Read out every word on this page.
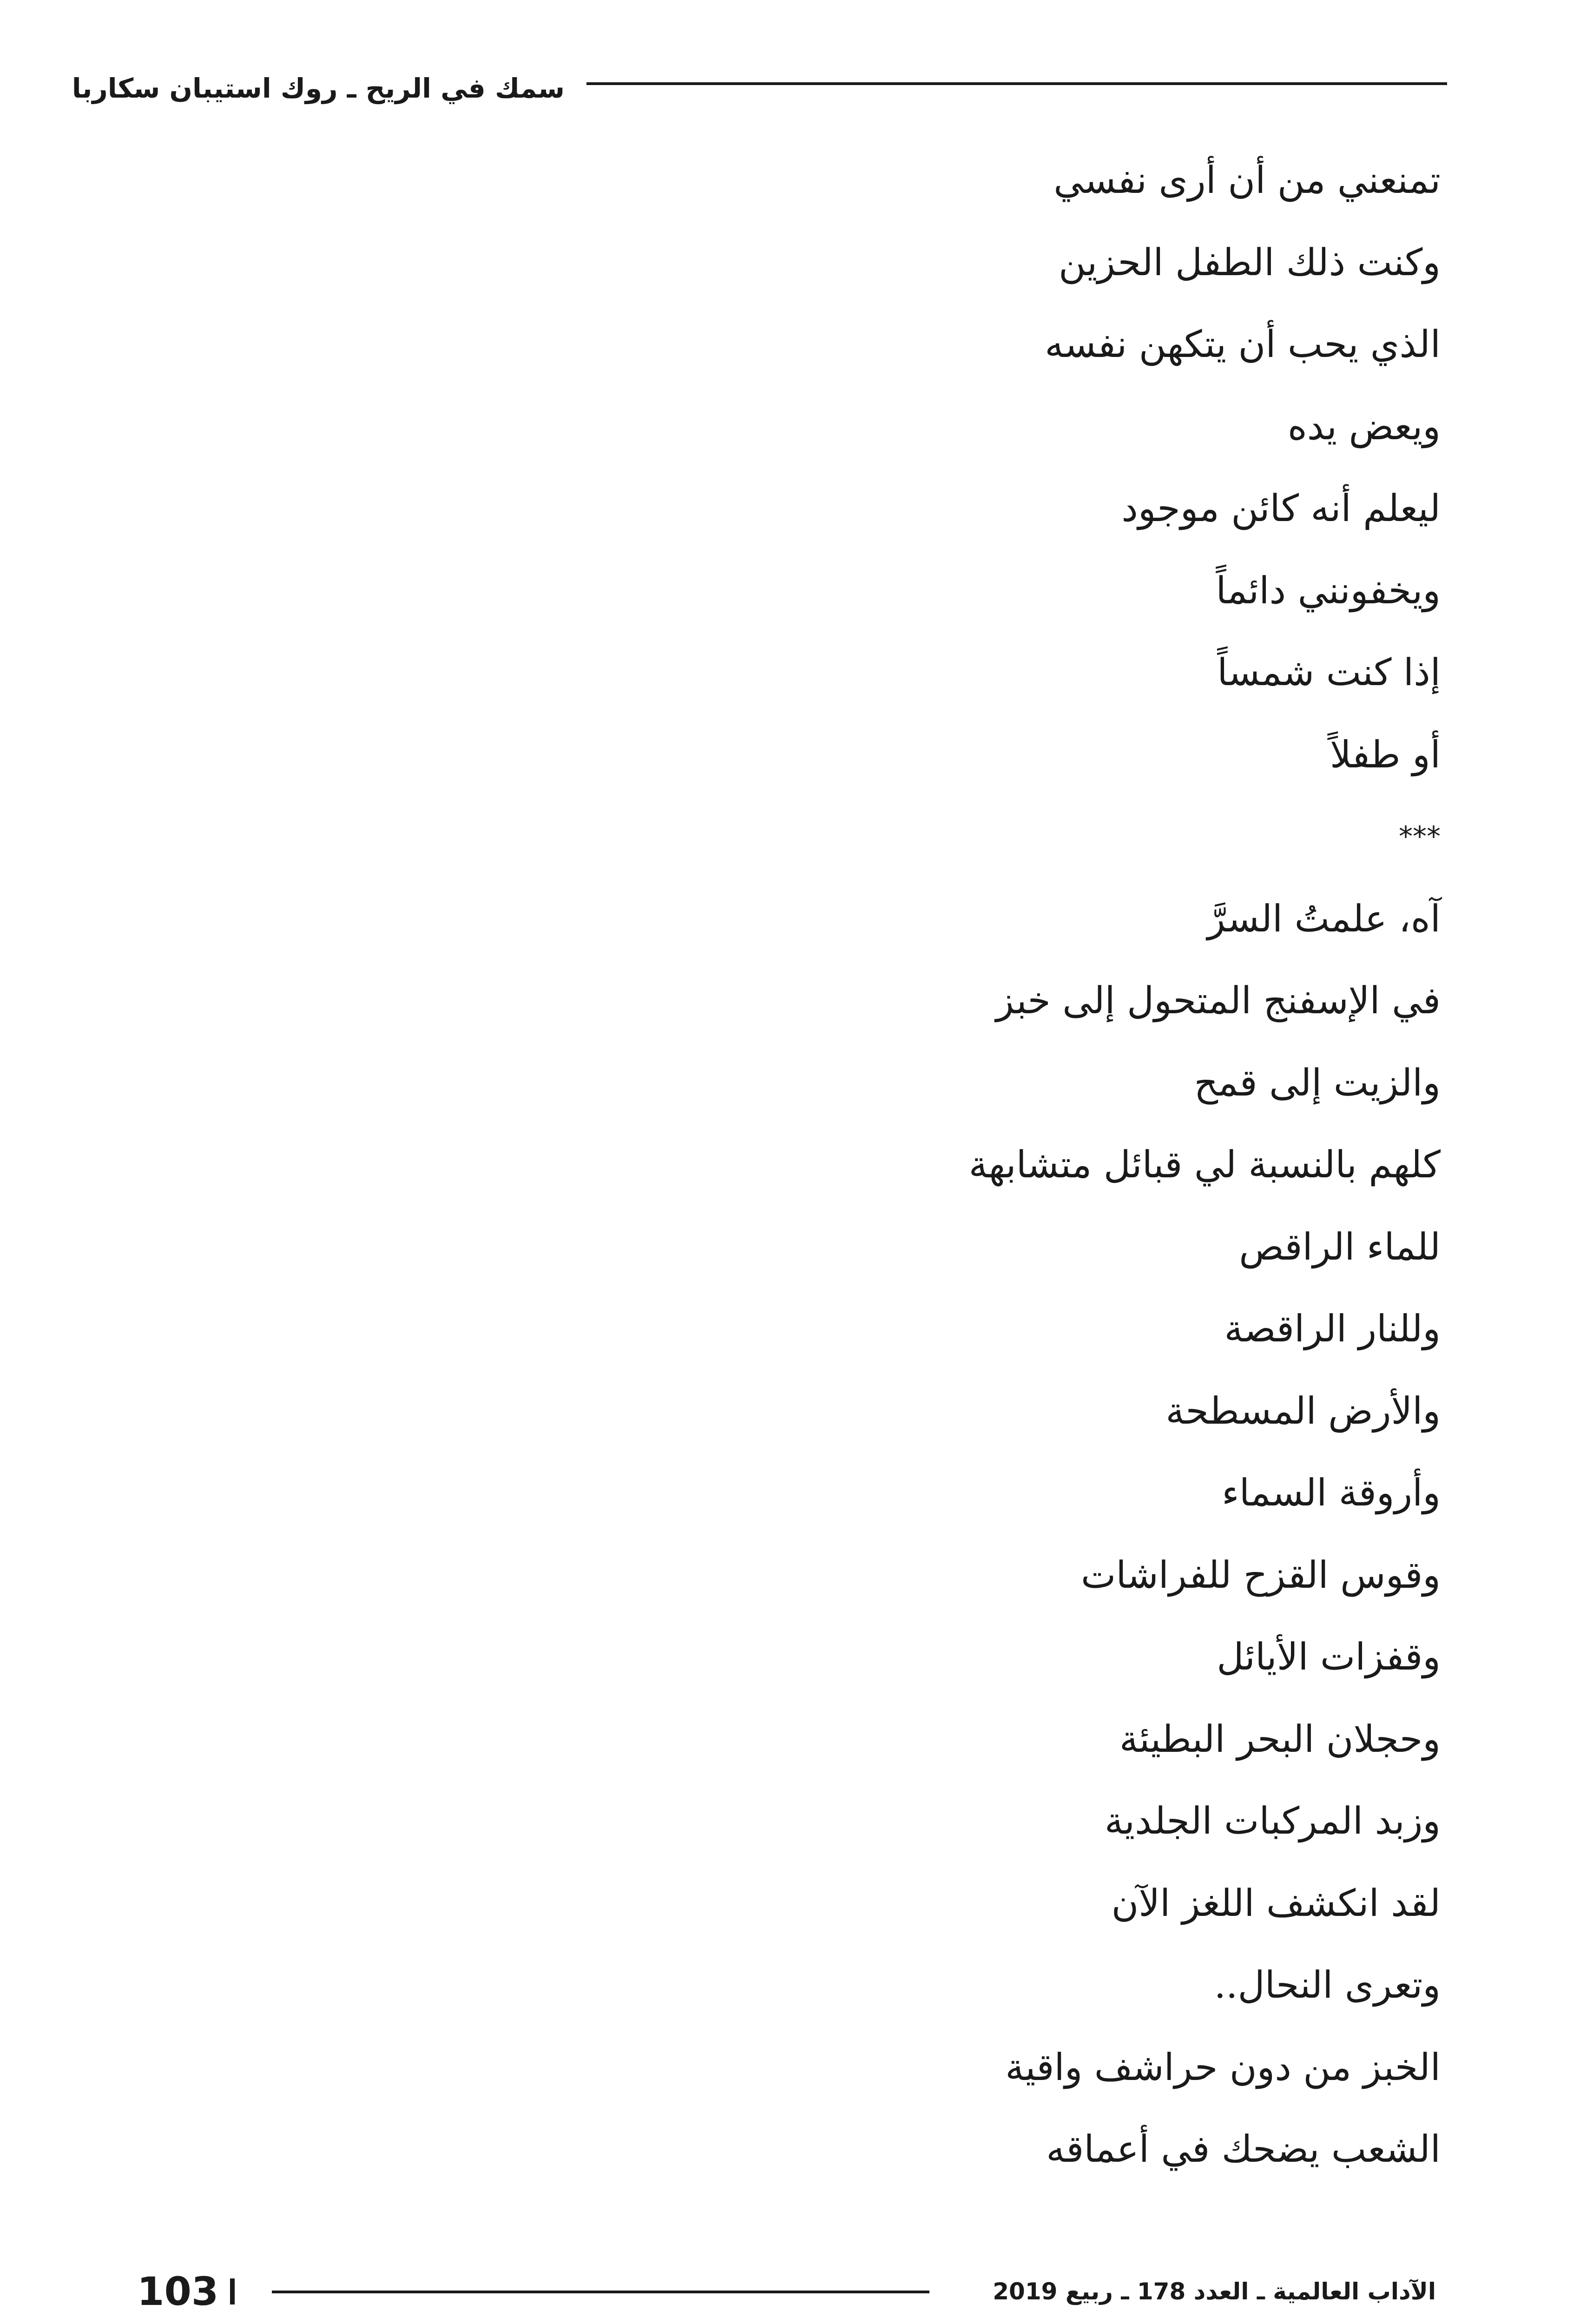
سمك في الريح ـ روك استيبان سكاربا
تمنعني من أن أرى نفسي
وكنت ذلك الطفل الحزين
الذي يحب أن يتكهن نفسه
ويعض يده
ليعلم أنه كائن موجود
ويخفونني دائماً
إذا كنت شمساً
أو طفلاً
***
آه، علمتُ السرَّ
في الإسفنج المتحول إلى خبز
والزيت إلى قمح
كلهم بالنسبة لي قبائل متشابهة
للماء الراقص
وللنار الراقصة
والأرض المسطحة
وأروقة السماء
وقوس القزح للفراشات
وقفزات الأيائل
وحجلان البحر البطيئة
وزبد المركبات الجلدية
لقد انكشف اللغز الآن
وتعرى النحال..
الخبز من دون حراشف واقية
الشعب يضحك في أعماقه
103	الآداب العالمية ـ العدد 178 ـ ربيع 2019
